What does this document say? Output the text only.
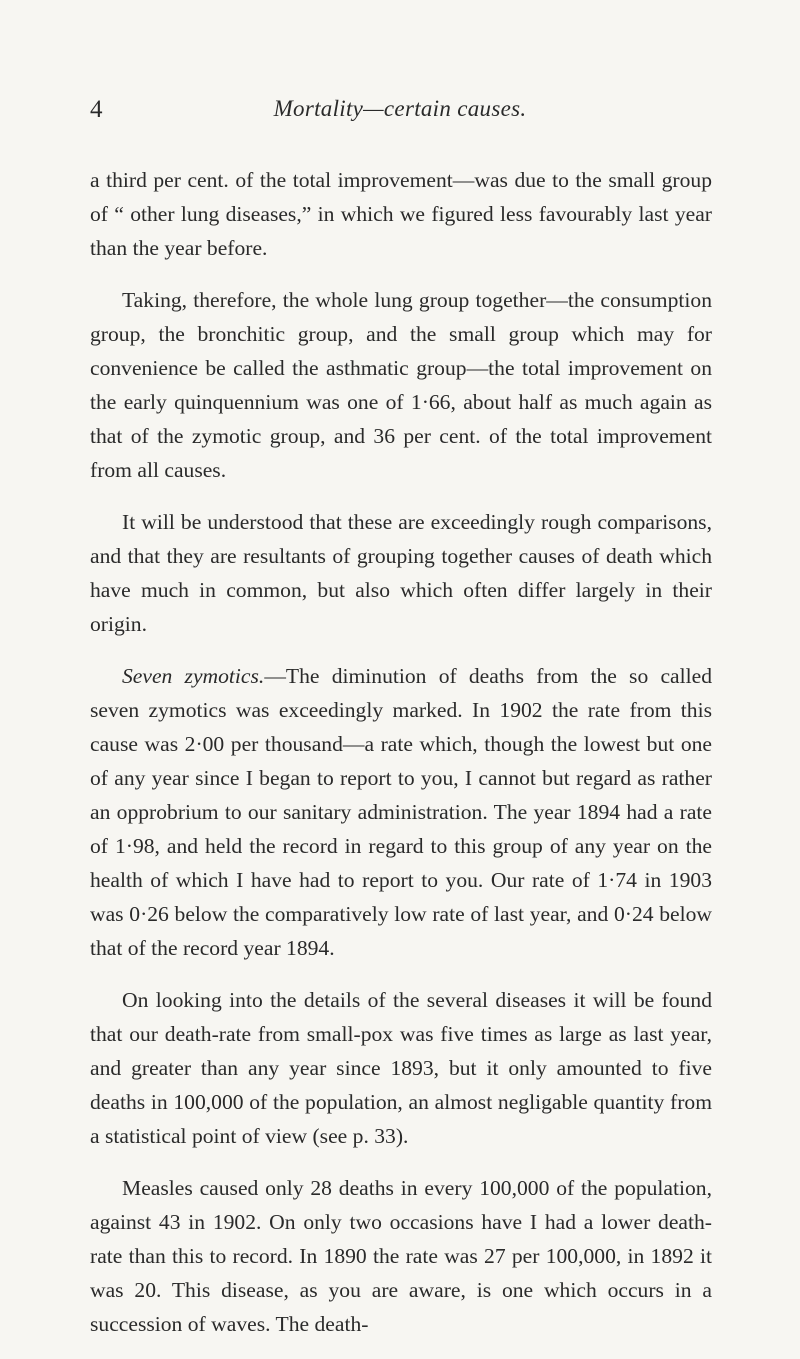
4	Mortality—certain causes.

a third per cent. of the total improvement—was due to the small group of “ other lung diseases,” in which we figured less favourably last year than the year before.

Taking, therefore, the whole lung group together—the consumption group, the bronchitic group, and the small group which may for convenience be called the asthmatic group—the total improvement on the early quinquennium was one of 1·66, about half as much again as that of the zymotic group, and 36 per cent. of the total improvement from all causes.

It will be understood that these are exceedingly rough comparisons, and that they are resultants of grouping together causes of death which have much in common, but also which often differ largely in their origin.

Seven zymotics.—The diminution of deaths from the so called seven zymotics was exceedingly marked. In 1902 the rate from this cause was 2·00 per thousand—a rate which, though the lowest but one of any year since I began to report to you, I cannot but regard as rather an opprobrium to our sanitary administration. The year 1894 had a rate of 1·98, and held the record in regard to this group of any year on the health of which I have had to report to you. Our rate of 1·74 in 1903 was 0·26 below the comparatively low rate of last year, and 0·24 below that of the record year 1894.

On looking into the details of the several diseases it will be found that our death-rate from small-pox was five times as large as last year, and greater than any year since 1893, but it only amounted to five deaths in 100,000 of the population, an almost negligable quantity from a statistical point of view (see p. 33).

Measles caused only 28 deaths in every 100,000 of the population, against 43 in 1902. On only two occasions have I had a lower death-rate than this to record. In 1890 the rate was 27 per 100,000, in 1892 it was 20. This disease, as you are aware, is one which occurs in a succession of waves. The death-
